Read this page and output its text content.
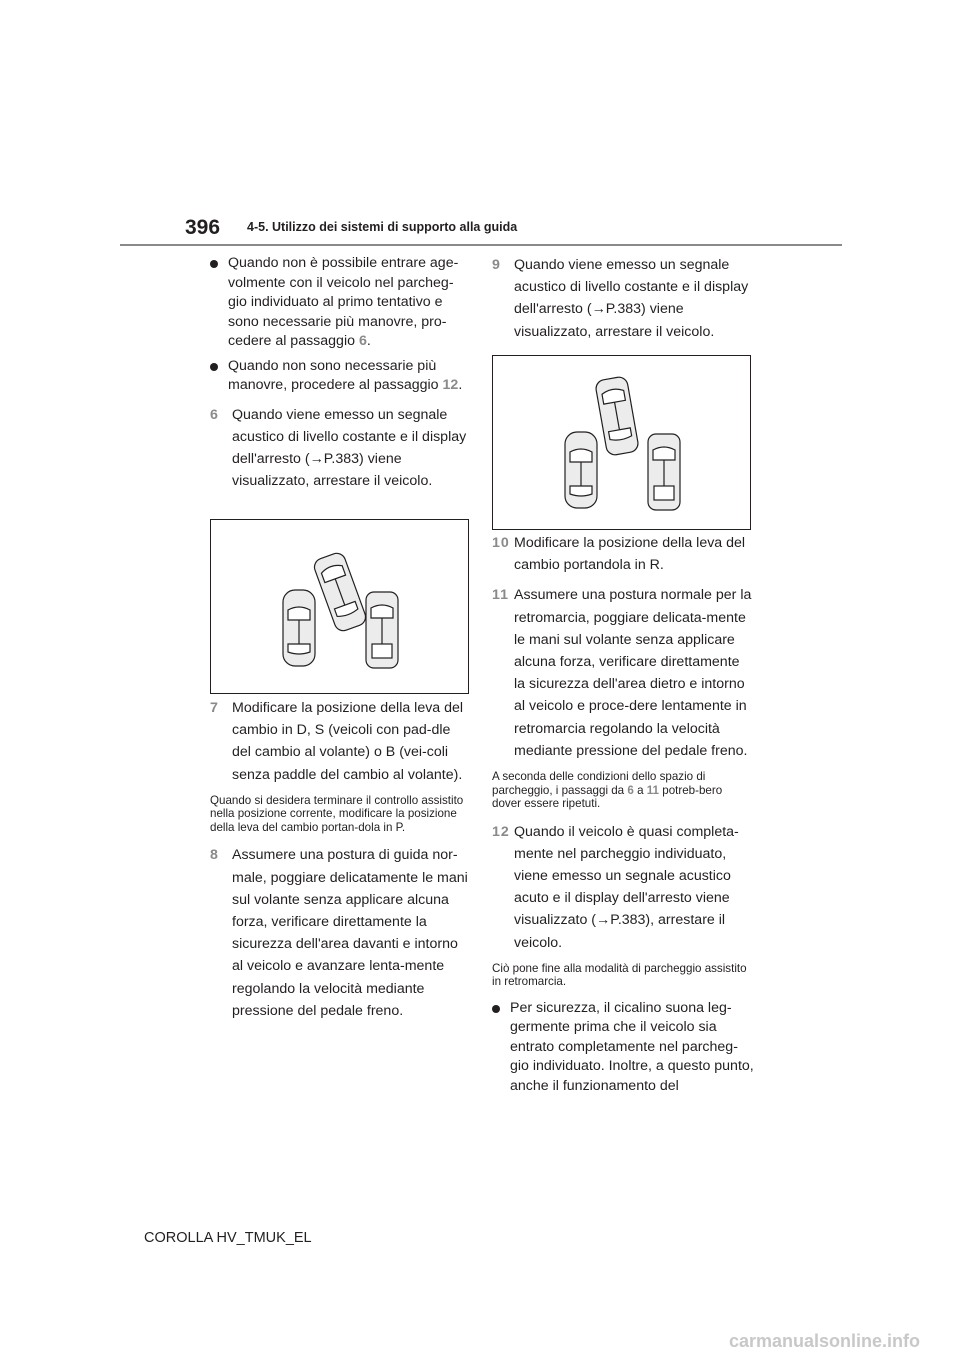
396 4-5. Utilizzo dei sistemi di supporto alla guida
Quando non è possibile entrare age-volmente con il veicolo nel parcheg-gio individuato al primo tentativo e sono necessarie più manovre, pro-cedere al passaggio 6.
Quando non sono necessarie più manovre, procedere al passaggio 12.
6 Quando viene emesso un segnale acustico di livello costante e il display dell'arresto (→P.383) viene visualizzato, arrestare il veicolo.
7 Modificare la posizione della leva del cambio in D, S (veicoli con pad-dle del cambio al volante) o B (vei-coli senza paddle del cambio al volante).
Quando si desidera terminare il controllo assistito nella posizione corrente, modificare la posizione della leva del cambio portan-dola in P.
8 Assumere una postura di guida nor-male, poggiare delicatamente le mani sul volante senza applicare alcuna forza, verificare direttamente la sicurezza dell'area davanti e intorno al veicolo e avanzare lenta-mente regolando la velocità mediante pressione del pedale freno.
9 Quando viene emesso un segnale acustico di livello costante e il display dell'arresto (→P.383) viene visualizzato, arrestare il veicolo.
10 Modificare la posizione della leva del cambio portandola in R.
11 Assumere una postura normale per la retromarcia, poggiare delicata-mente le mani sul volante senza applicare alcuna forza, verificare direttamente la sicurezza dell'area dietro e intorno al veicolo e proce-dere lentamente in retromarcia regolando la velocità mediante pressione del pedale freno.
A seconda delle condizioni dello spazio di parcheggio, i passaggi da 6 a 11 potreb-bero dover essere ripetuti.
12 Quando il veicolo è quasi completa-mente nel parcheggio individuato, viene emesso un segnale acustico acuto e il display dell'arresto viene visualizzato (→P.383), arrestare il veicolo.
Ciò pone fine alla modalità di parcheggio assistito in retromarcia.
Per sicurezza, il cicalino suona leg-germente prima che il veicolo sia entrato completamente nel parcheg-gio individuato. Inoltre, a questo punto, anche il funzionamento del
COROLLA HV_TMUK_EL
carmanualsonline.info
